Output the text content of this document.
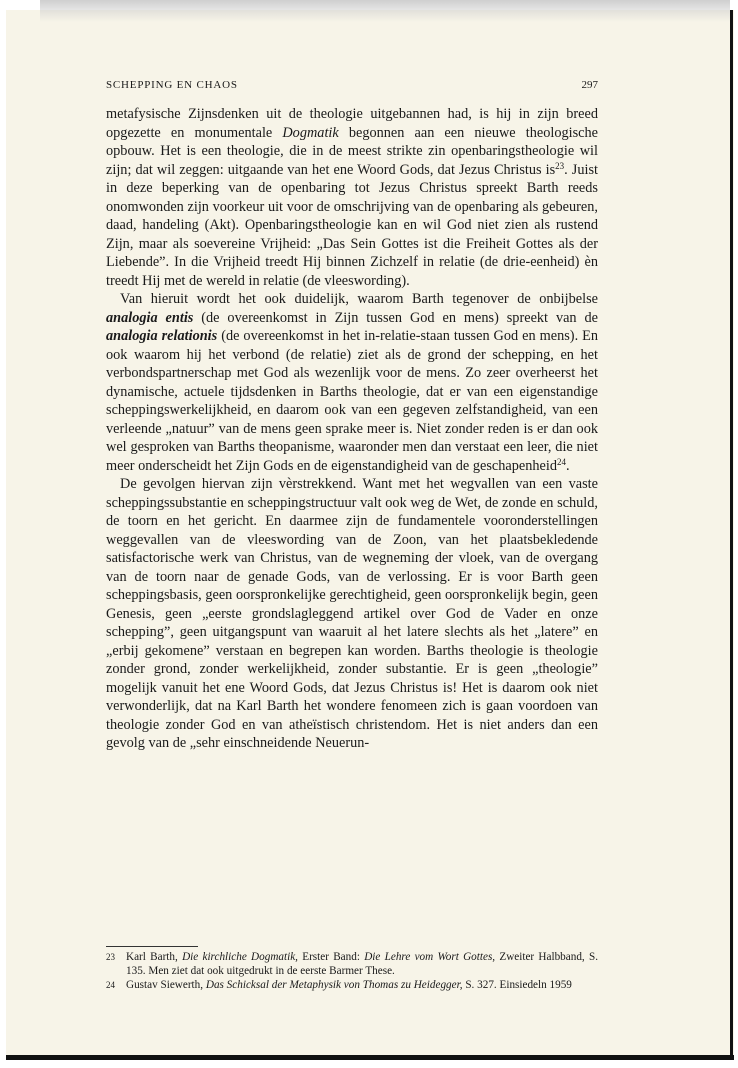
SCHEPPING EN CHAOS	297

metafysische Zijnsdenken uit de theologie uitgebannen had, is hij in zijn breed opgezette en monumentale Dogmatik begonnen aan een nieuwe theologische opbouw. Het is een theologie, die in de meest strikte zin openbaringstheologie wil zijn; dat wil zeggen: uitgaande van het ene Woord Gods, dat Jezus Christus $is^{23}$. Juist in deze beperking van de openbaring tot Jezus Christus spreekt Barth reeds onomwonden zijn voorkeur uit voor de omschrijving van de openbaring als gebeuren, daad, handeling (Akt). Openbaringstheologie kan en wil God niet zien als rustend Zijn, maar als soevereine Vrijheid: „Das Sein Gottes ist die Freiheit Gottes als der Liebende”. In die Vrijheid treedt Hij binnen Zichzelf in relatie (de drie-eenheid) èn treedt Hij met de wereld in relatie (de vleeswording).

Van hieruit wordt het ook duidelijk, waarom Barth tegenover de onbijbelse analogia entis (de overeenkomst in Zijn tussen God en mens) spreekt van de analogia relationis (de overeenkomst in het in-relatie-staan tussen God en mens). En ook waarom hij het verbond (de relatie) ziet als de grond der schepping, en het verbondspartnerschap met God als wezenlijk voor de mens. Zo zeer overheerst het dynamische, actuele tijdsdenken in Barths theologie, dat er van een eigenstandige scheppingswerkelijkheid, en daarom ook van een gegeven zelfstandigheid, van een verleende „natuur” van de mens geen sprake meer is. Niet zonder reden is er dan ook wel gesproken van Barths theopanisme, waaronder men dan verstaat een leer, die niet meer onderscheidt het Zijn Gods en de eigenstandigheid van de geschapenheid$^{24}$.

De gevolgen hiervan zijn vèrstrekkend. Want met het wegvallen van een vaste scheppingssubstantie en scheppingstructuur valt ook weg de Wet, de zonde en schuld, de toorn en het gericht. En daarmee zijn de fundamentele vooronderstellingen weggevallen van de vleeswording van de Zoon, van het plaatsbekledende satisfactorische werk van Christus, van de wegneming der vloek, van de overgang van de toorn naar de genade Gods, van de verlossing. Er is voor Barth geen scheppingsbasis, geen oorspronkelijke gerechtigheid, geen oorspronkelijk begin, geen Genesis, geen „eerste grondslagleggend artikel over God de Vader en onze schepping”, geen uitgangspunt van waaruit al het latere slechts als het „latere” en „erbij gekomene” verstaan en begrepen kan worden. Barths theologie is theologie zonder grond, zonder werkelijkheid, zonder substantie. Er is geen „theologie” mogelijk vanuit het ene Woord Gods, dat Jezus Christus is! Het is daarom ook niet verwonderlijk, dat na Karl Barth het wondere fenomeen zich is gaan voordoen van theologie zonder God en van atheïstisch christendom. Het is niet anders dan een gevolg van de „sehr einschneidende Neuerun-

23 Karl Barth, Die kirchliche Dogmatik, Erster Band: Die Lehre vom Wort Gottes, Zweiter Halbband, S. 135. Men ziet dat ook uitgedrukt in de eerste Barmer These.
24 Gustav Siewerth, Das Schicksal der Metaphysik von Thomas zu Heidegger, S. 327. Einsiedeln 1959
